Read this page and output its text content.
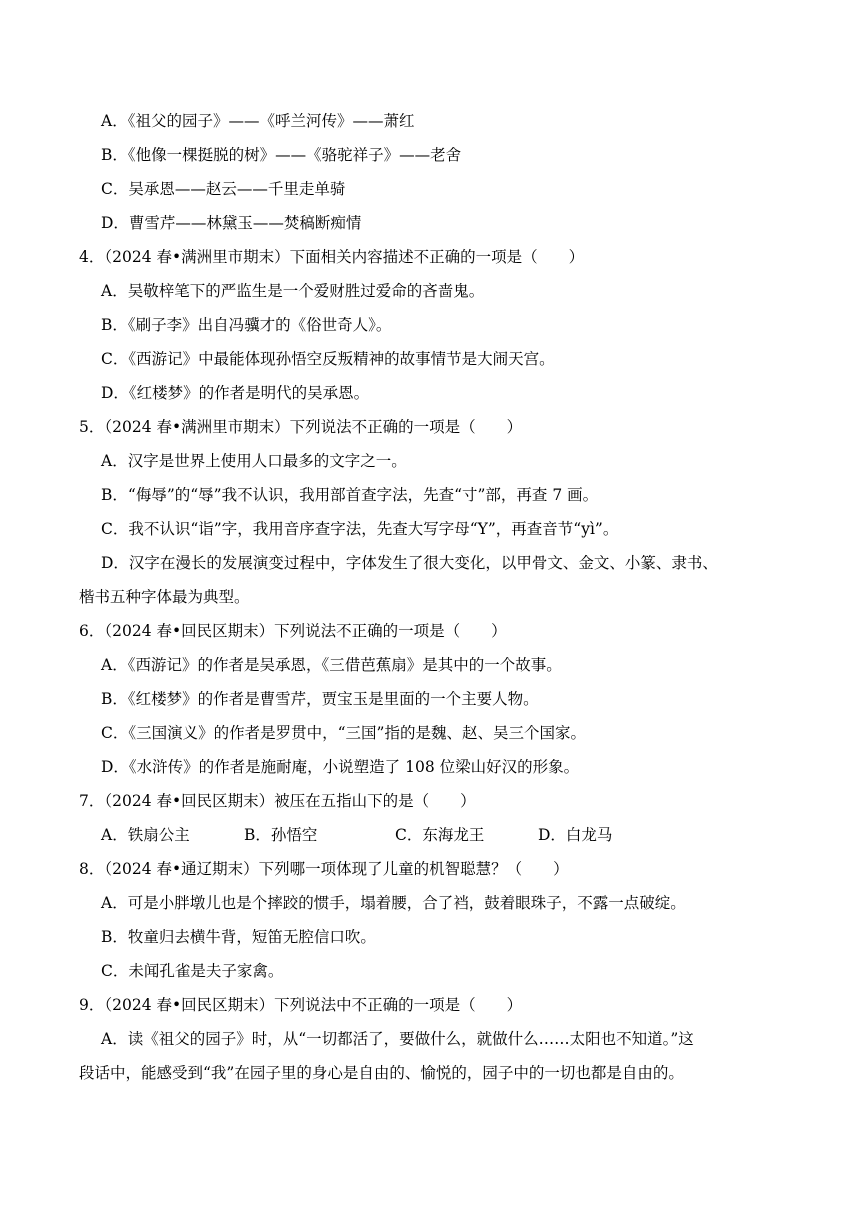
A．《祖父的园子》——《呼兰河传》——萧红
B．《他像一棵挺脱的树》——《骆驼祥子》——老舍
C．吴承恩——赵云——千里走单骑
D．曹雪芹——林黛玉——焚稿断痴情
4．（2024 春•满洲里市期末）下面相关内容描述不正确的一项是（　　）
A．吴敬梓笔下的严监生是一个爱财胜过爱命的吝啬鬼。
B．《刷子李》出自冯骥才的《俗世奇人》。
C．《西游记》中最能体现孙悟空反叛精神的故事情节是大闹天宫。
D．《红楼梦》的作者是明代的吴承恩。
5．（2024 春•满洲里市期末）下列说法不正确的一项是（　　）
A．汉字是世界上使用人口最多的文字之一。
B．“侮辱”的“辱”我不认识，我用部首查字法，先查“寸”部，再查 7 画。
C．我不认识“诣”字，我用音序查字法，先查大写字母“Y”，再查音节“yì”。
D．汉字在漫长的发展演变过程中，字体发生了很大变化，以甲骨文、金文、小篆、隶书、
楷书五种字体最为典型。
6．（2024 春•回民区期末）下列说法不正确的一项是（　　）
A．《西游记》的作者是吴承恩，《三借芭蕉扇》是其中的一个故事。
B．《红楼梦》的作者是曹雪芹，贾宝玉是里面的一个主要人物。
C．《三国演义》的作者是罗贯中，“三国”指的是魏、赵、吴三个国家。
D．《水浒传》的作者是施耐庵，小说塑造了 108 位梁山好汉的形象。
7．（2024 春•回民区期末）被压在五指山下的是（　　）
A．铁扇公主	B．孙悟空	C．东海龙王	D．白龙马
8．（2024 春•通辽期末）下列哪一项体现了儿童的机智聪慧？（　　）
A．可是小胖墩儿也是个摔跤的惯手，塌着腰，合了裆，鼓着眼珠子，不露一点破绽。
B．牧童归去横牛背，短笛无腔信口吹。
C．未闻孔雀是夫子家禽。
9．（2024 春•回民区期末）下列说法中不正确的一项是（　　）
A．读《祖父的园子》时，从“一切都活了，要做什么，就做什么……太阳也不知道。”这
段话中，能感受到“我”在园子里的身心是自由的、愉悦的，园子中的一切也都是自由的。
